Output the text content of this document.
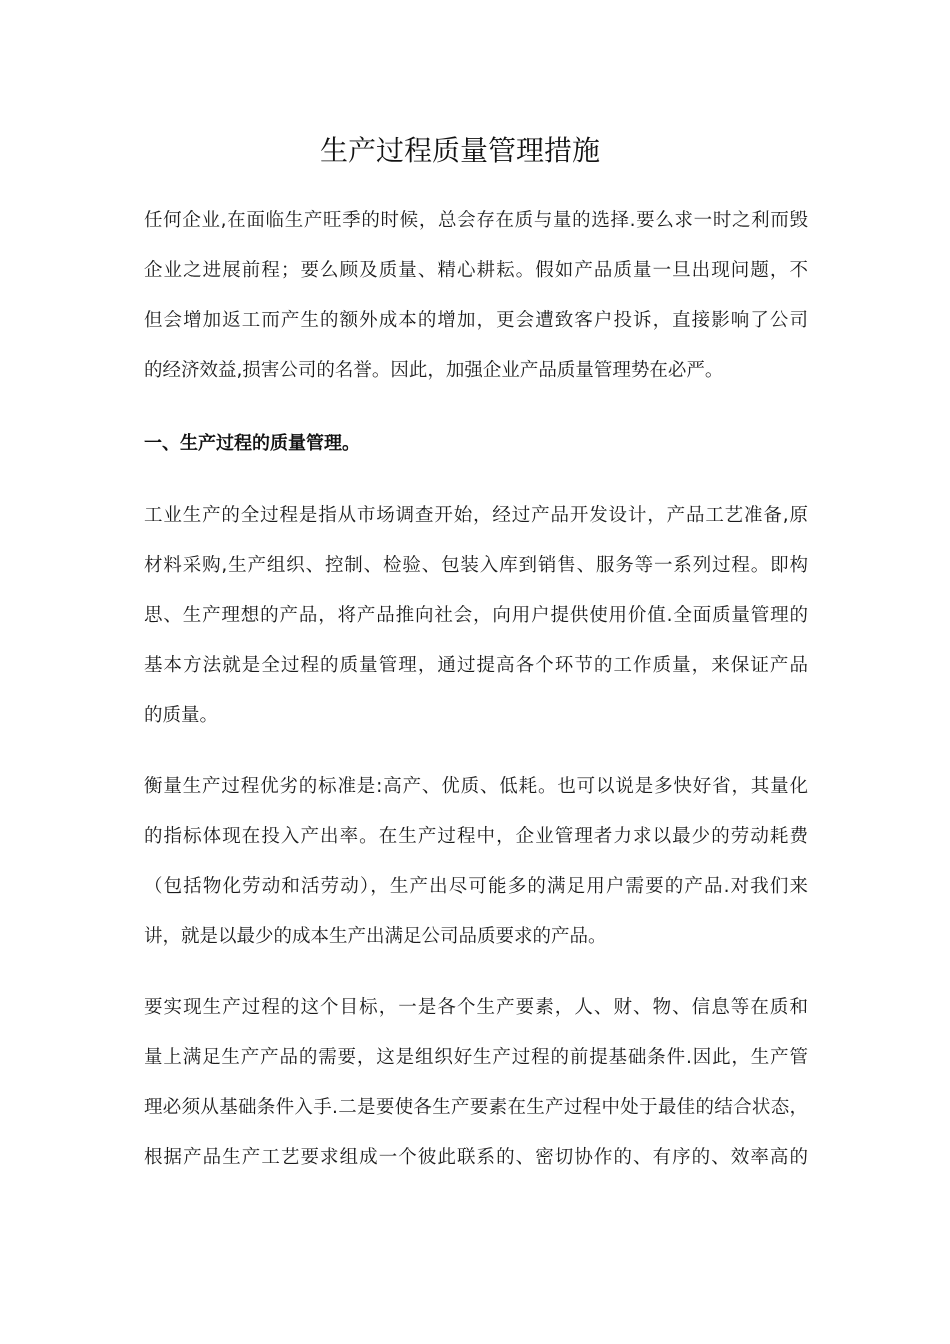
生产过程质量管理措施

任何企业,在面临生产旺季的时候，总会存在质与量的选择.要么求一时之利而毁
企业之进展前程；要么顾及质量、精心耕耘。假如产品质量一旦出现问题，不
但会增加返工而产生的额外成本的增加，更会遭致客户投诉，直接影响了公司
的经济效益,损害公司的名誉。因此，加强企业产品质量管理势在必严。

一、生产过程的质量管理。

工业生产的全过程是指从市场调查开始，经过产品开发设计，产品工艺准备,原
材料采购,生产组织、控制、检验、包装入库到销售、服务等一系列过程。即构
思、生产理想的产品，将产品推向社会，向用户提供使用价值.全面质量管理的
基本方法就是全过程的质量管理，通过提高各个环节的工作质量，来保证产品
的质量。

衡量生产过程优劣的标准是:高产、优质、低耗。也可以说是多快好省，其量化
的指标体现在投入产出率。在生产过程中，企业管理者力求以最少的劳动耗费
（包括物化劳动和活劳动），生产出尽可能多的满足用户需要的产品.对我们来
讲，就是以最少的成本生产出满足公司品质要求的产品。

要实现生产过程的这个目标，一是各个生产要素，人、财、物、信息等在质和
量上满足生产产品的需要，这是组织好生产过程的前提基础条件.因此，生产管
理必须从基础条件入手.二是要使各生产要素在生产过程中处于最佳的结合状态，
根据产品生产工艺要求组成一个彼此联系的、密切协作的、有序的、效率高的
